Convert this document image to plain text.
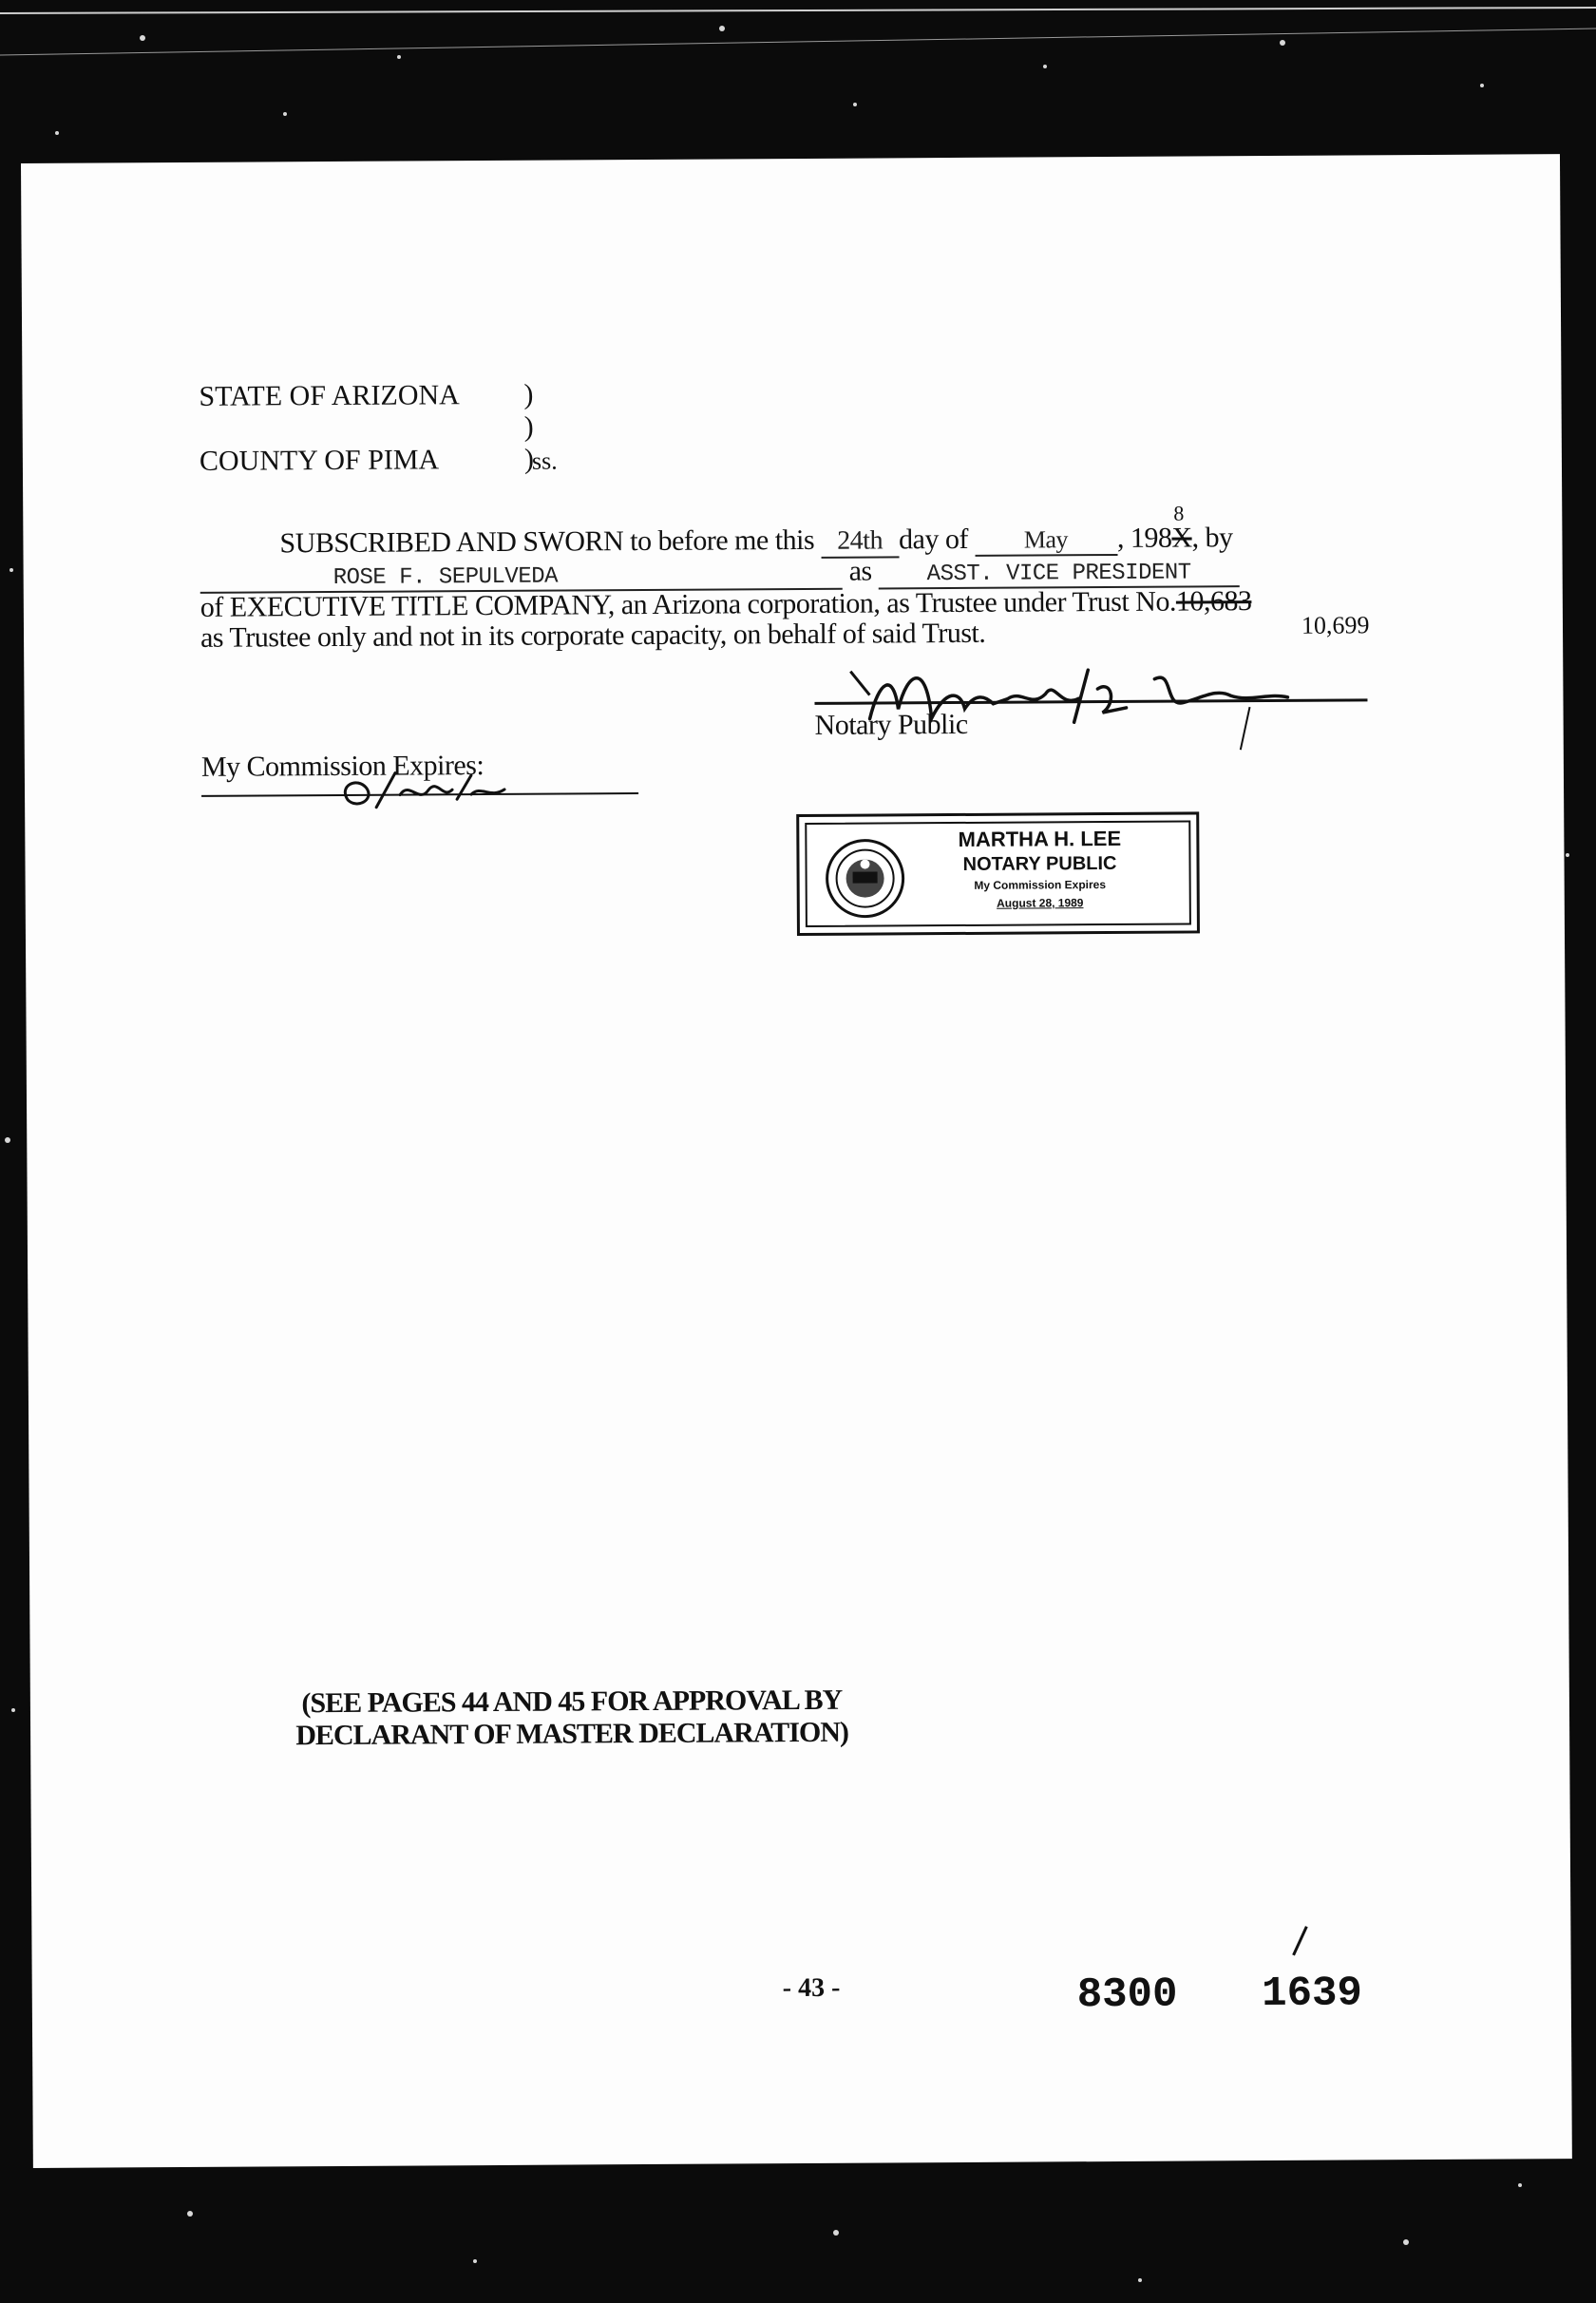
STATE OF ARIZONA )
)
ss.
COUNTY OF PIMA	)
SUBSCRIBED AND SWORN to before me this 24th day of May , 198X
8
, by
ROSE F. SEPULVEDA	as ASST. VICE PRESIDENT
of EXECUTIVE TITLE COMPANY, an Arizona corporation, as Trustee under Trust No.10,683
10,699
as Trustee only and not in its corporate capacity, on behalf of said Trust.
Notary Public
My Commission Expires:
MARTHA H. LEE
NOTARY PUBLIC
My Commission Expires
August 28, 1989
(SEE PAGES 44 AND 45 FOR APPROVAL BY
DECLARANT OF MASTER DECLARATION)
- 43 -	8300 1639
